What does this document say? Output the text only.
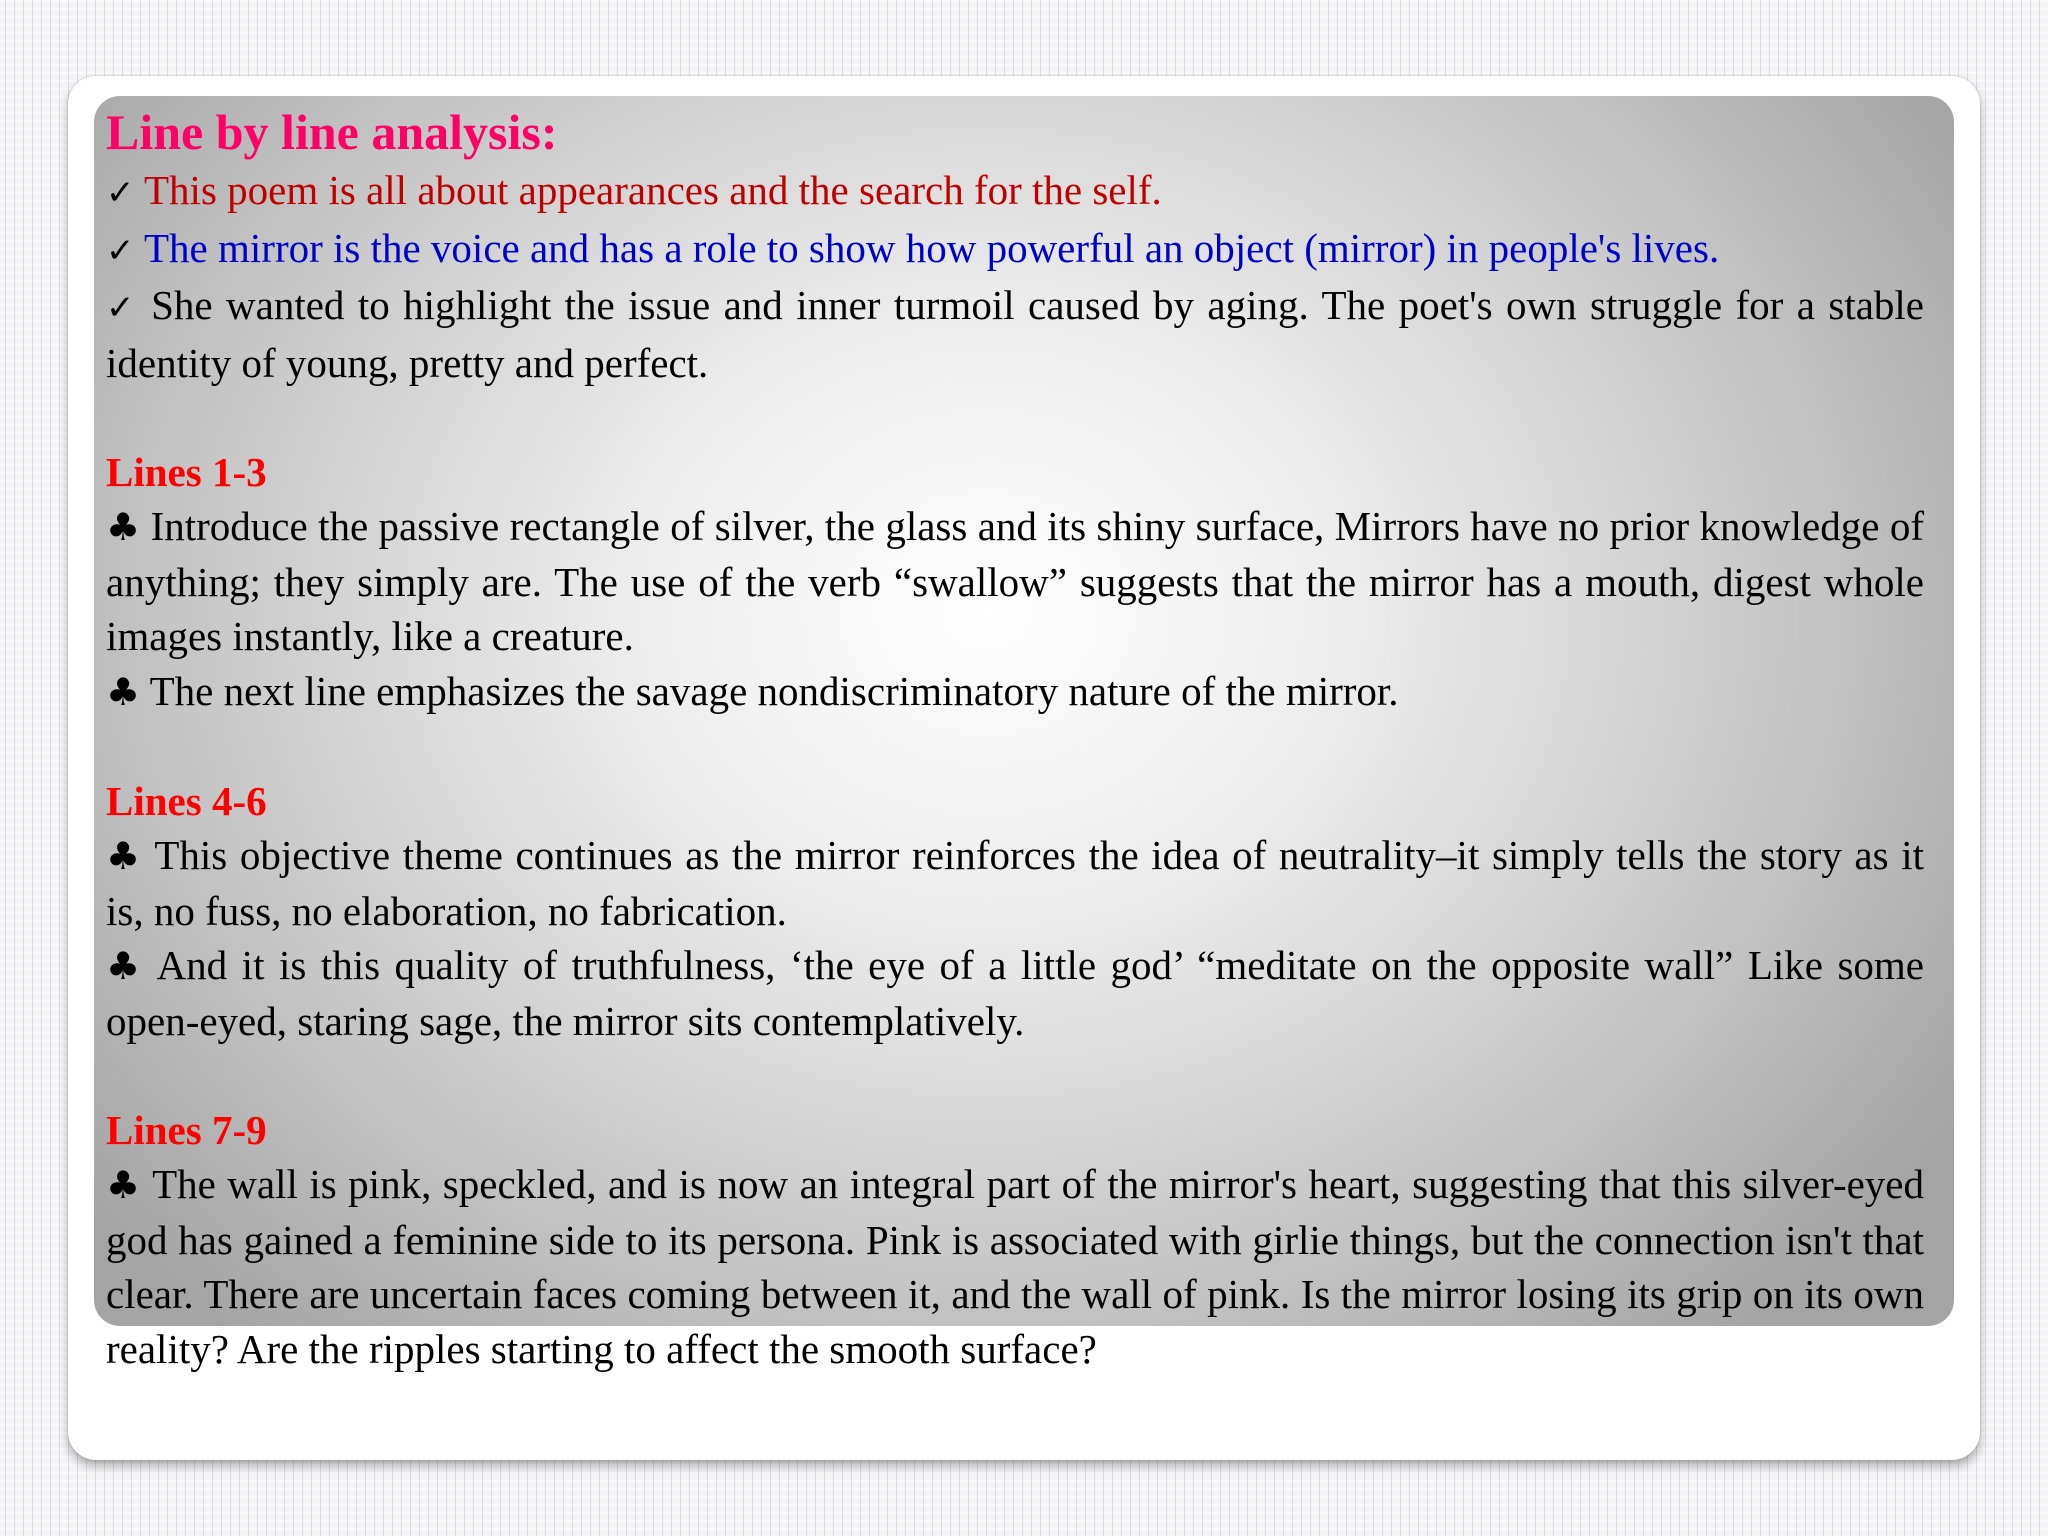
Line by line analysis:
✓ This poem is all about appearances and the search for the self.
✓ The mirror is the voice and has a role to show how powerful an object (mirror) in people's lives.
✓ She wanted to highlight the issue and inner turmoil caused by aging. The poet's own struggle for a stable identity of young, pretty and perfect.
Lines 1-3
♣ Introduce the passive rectangle of silver, the glass and its shiny surface, Mirrors have no prior knowledge of anything; they simply are. The use of the verb “swallow” suggests that the mirror has a mouth, digest whole images instantly, like a creature.
♣ The next line emphasizes the savage nondiscriminatory nature of the mirror.
Lines 4-6
♣ This objective theme continues as the mirror reinforces the idea of neutrality–it simply tells the story as it is, no fuss, no elaboration, no fabrication.
♣ And it is this quality of truthfulness, ‘the eye of a little god’ “meditate on the opposite wall” Like some open-eyed, staring sage, the mirror sits contemplatively.
Lines 7-9
♣ The wall is pink, speckled, and is now an integral part of the mirror's heart, suggesting that this silver-eyed god has gained a feminine side to its persona. Pink is associated with girlie things, but the connection isn't that clear. There are uncertain faces coming between it, and the wall of pink. Is the mirror losing its grip on its own reality? Are the ripples starting to affect the smooth surface?
